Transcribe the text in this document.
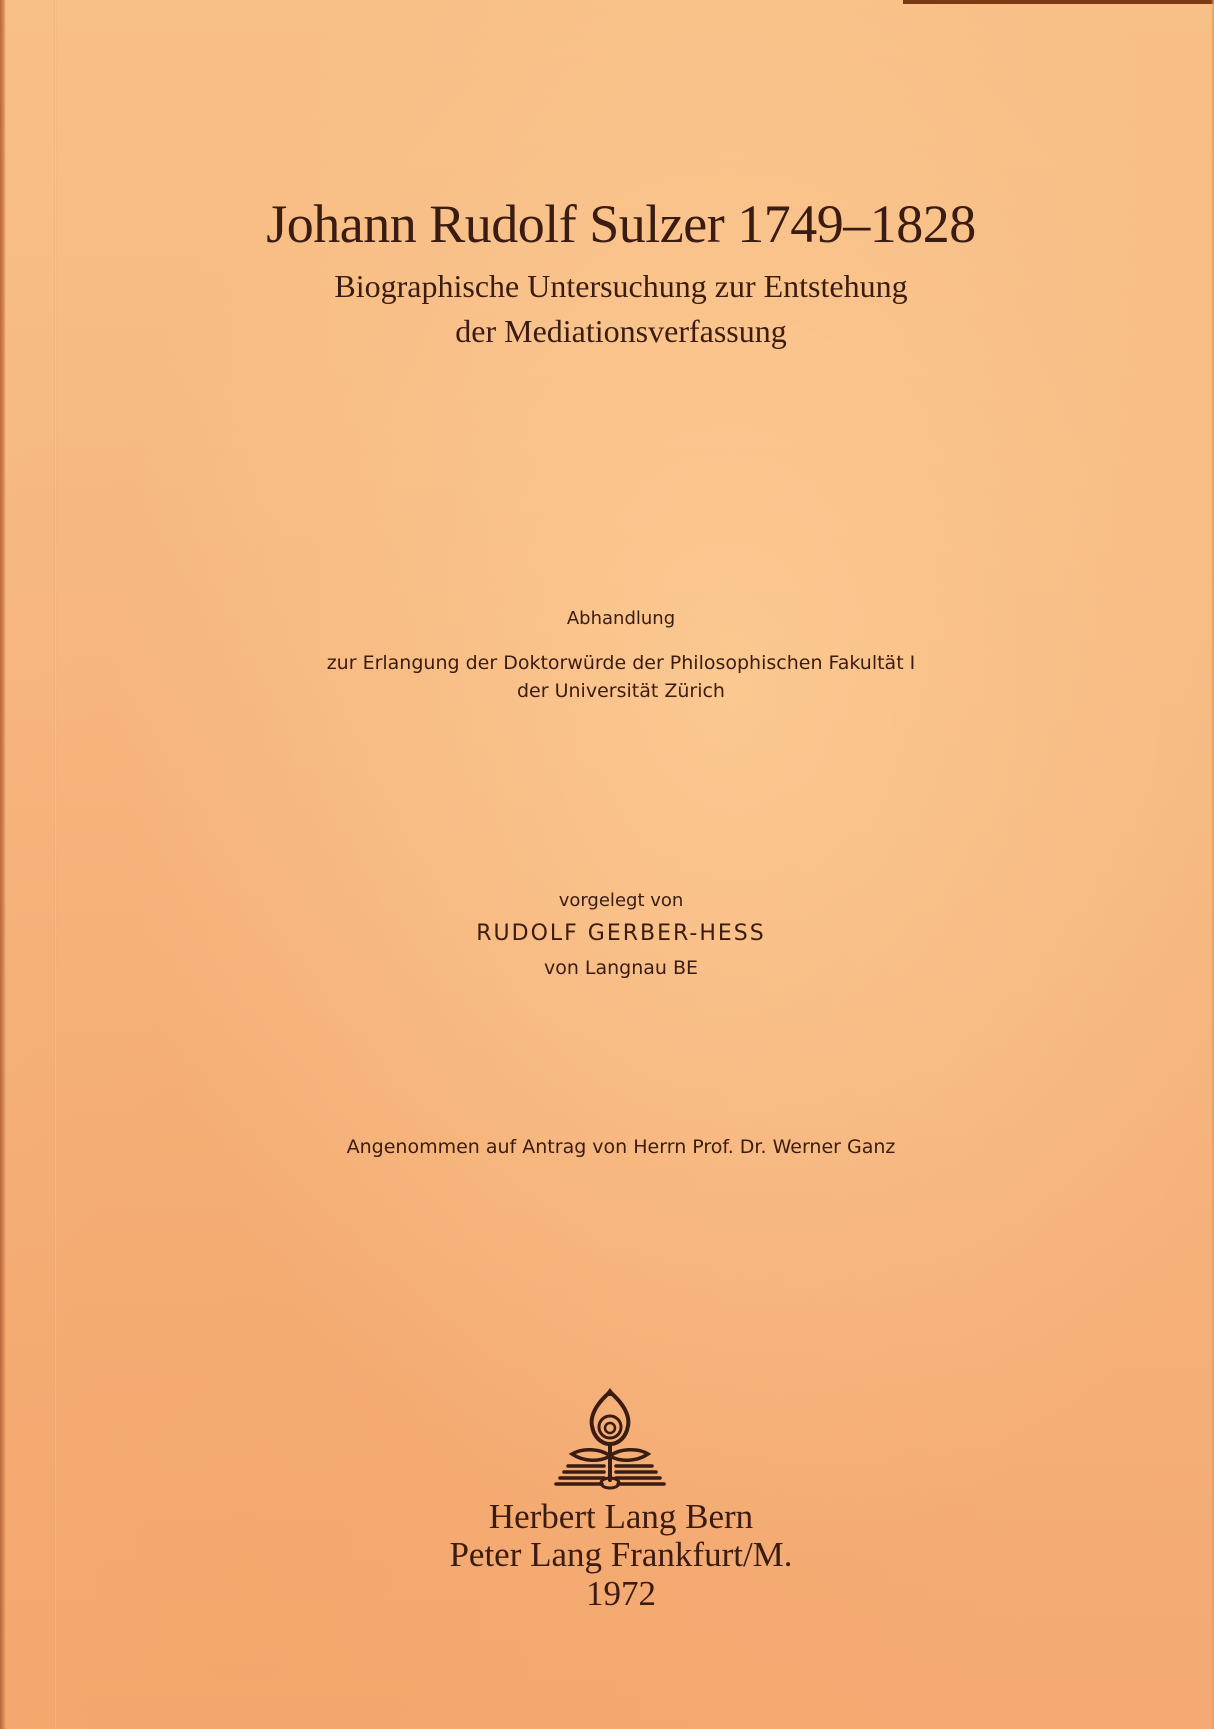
Johann Rudolf Sulzer 1749–1828
Biographische Untersuchung zur Entstehung
der Mediationsverfassung
Abhandlung
zur Erlangung der Doktorwürde der Philosophischen Fakultät I
der Universität Zürich
vorgelegt von
RUDOLF GERBER-HESS
von Langnau BE
Angenommen auf Antrag von Herrn Prof. Dr. Werner Ganz
Herbert Lang Bern
Peter Lang Frankfurt/M.
1972
